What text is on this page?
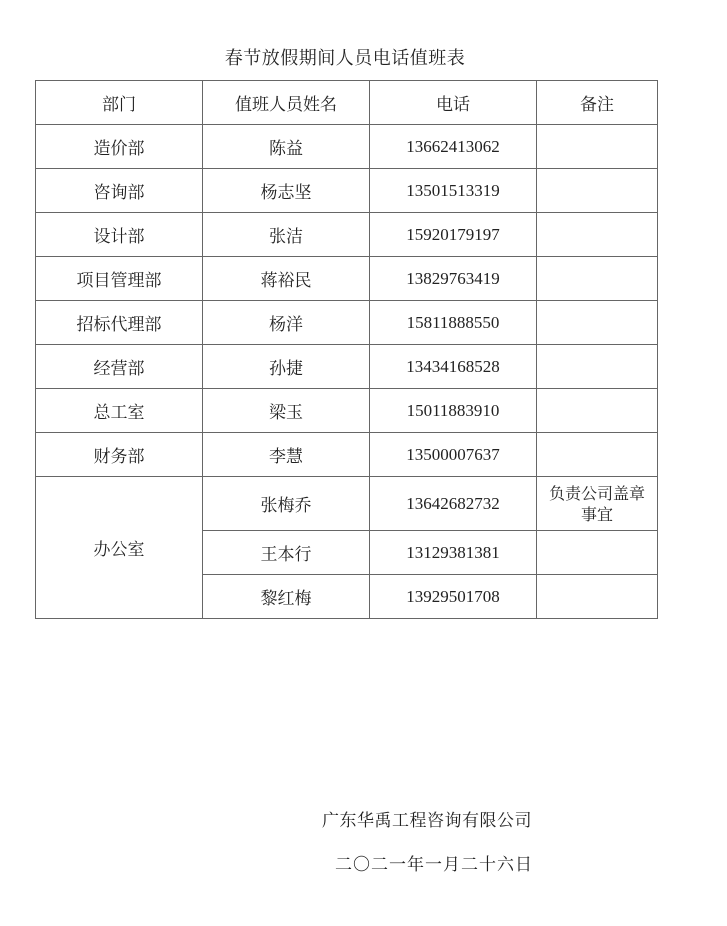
春节放假期间人员电话值班表
部门	值班人员姓名	电话	备注
造价部	陈益	13662413062	
咨询部	杨志坚	13501513319	
设计部	张洁	15920179197	
项目管理部	蒋裕民	13829763419	
招标代理部	杨洋	15811888550	
经营部	孙捷	13434168528	
总工室	梁玉	15011883910	
财务部	李慧	13500007637	
办公室	张梅乔	13642682732	负责公司盖章事宜
	王本行	13129381381	
	黎红梅	13929501708	
广东华禹工程咨询有限公司
二〇二一年一月二十六日
